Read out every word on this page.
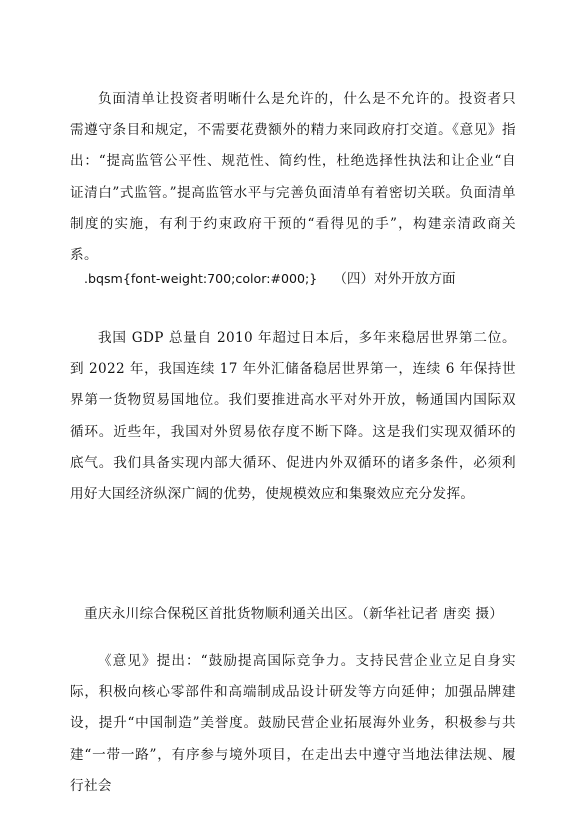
负面清单让投资者明晰什么是允许的，什么是不允许的。投资者只需遵守条目和规定，不需要花费额外的精力来同政府打交道。《意见》指出：“提高监管公平性、规范性、简约性，杜绝选择性执法和让企业“自证清白”式监管。”提高监管水平与完善负面清单有着密切关联。负面清单制度的实施，有利于约束政府干预的“看得见的手”，构建亲清政商关系。

.bqsm{font-weight:700;color:#000;} （四）对外开放方面

我国 GDP 总量自 2010 年超过日本后，多年来稳居世界第二位。到 2022 年，我国连续 17 年外汇储备稳居世界第一，连续 6 年保持世界第一货物贸易国地位。我们要推进高水平对外开放，畅通国内国际双循环。近些年，我国对外贸易依存度不断下降。这是我们实现双循环的底气。我们具备实现内部大循环、促进内外双循环的诸多条件，必须利用好大国经济纵深广阔的优势，使规模效应和集聚效应充分发挥。

重庆永川综合保税区首批货物顺利通关出区。（新华社记者 唐奕 摄）

《意见》提出：“鼓励提高国际竞争力。支持民营企业立足自身实际，积极向核心零部件和高端制成品设计研发等方向延伸；加强品牌建设，提升“中国制造”美誉度。鼓励民营企业拓展海外业务，积极参与共建“一带一路”，有序参与境外项目，在走出去中遵守当地法律法规、履行社会
